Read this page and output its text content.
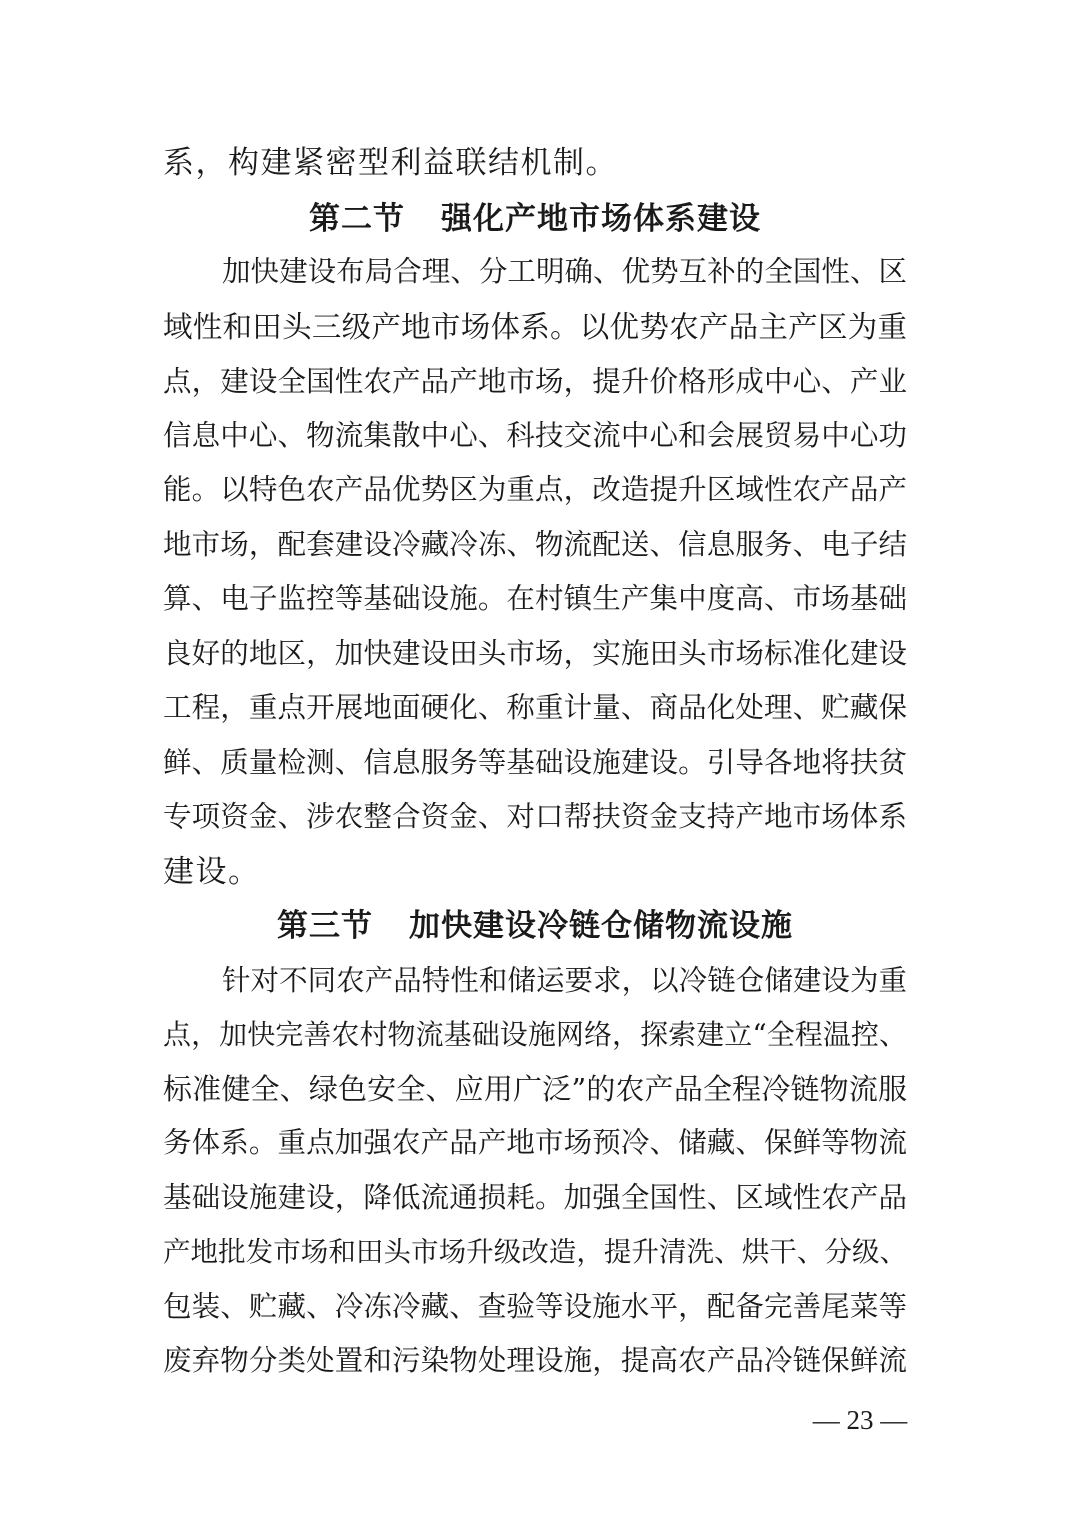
系，构建紧密型利益联结机制。
第二节 强化产地市场体系建设
加快建设布局合理、分工明确、优势互补的全国性、区
域性和田头三级产地市场体系。以优势农产品主产区为重
点，建设全国性农产品产地市场，提升价格形成中心、产业
信息中心、物流集散中心、科技交流中心和会展贸易中心功
能。以特色农产品优势区为重点，改造提升区域性农产品产
地市场，配套建设冷藏冷冻、物流配送、信息服务、电子结
算、电子监控等基础设施。在村镇生产集中度高、市场基础
良好的地区，加快建设田头市场，实施田头市场标准化建设
工程，重点开展地面硬化、称重计量、商品化处理、贮藏保
鲜、质量检测、信息服务等基础设施建设。引导各地将扶贫
专项资金、涉农整合资金、对口帮扶资金支持产地市场体系
建设。
第三节 加快建设冷链仓储物流设施
针对不同农产品特性和储运要求，以冷链仓储建设为重
点，加快完善农村物流基础设施网络，探索建立“全程温控、
标准健全、绿色安全、应用广泛”的农产品全程冷链物流服
务体系。重点加强农产品产地市场预冷、储藏、保鲜等物流
基础设施建设，降低流通损耗。加强全国性、区域性农产品
产地批发市场和田头市场升级改造，提升清洗、烘干、分级、
包装、贮藏、冷冻冷藏、查验等设施水平，配备完善尾菜等
废弃物分类处置和污染物处理设施，提高农产品冷链保鲜流
— 23 —
